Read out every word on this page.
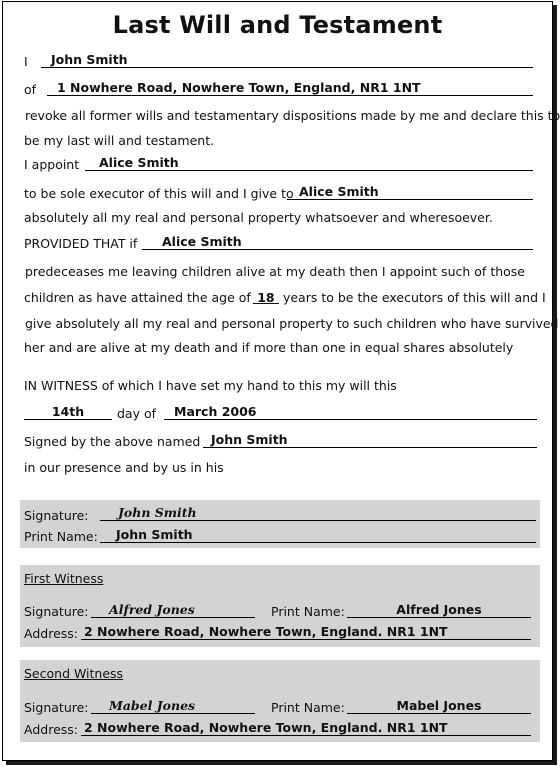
Last Will and Testament
I	John Smith
of	1 Nowhere Road, Nowhere Town, England, NR1 1NT
revoke all former wills and testamentary dispositions made by me and declare this to
be my last will and testament.
I appoint	Alice Smith
to be sole executor of this will and I give to Alice Smith
absolutely all my real and personal property whatsoever and wheresoever.
PROVIDED THAT if	Alice Smith
predeceases me leaving children alive at my death then I appoint such of those
children as have attained the age of 18 years to be the executors of this will and I
give absolutely all my real and personal property to such children who have survived
her and are alive at my death and if more than one in equal shares absolutely
IN WITNESS of which I have set my hand to this my will this
14th	day of	March 2006
Signed by the above named John Smith
in our presence and by us in his
Signature:	John Smith
Print Name:	John Smith
First Witness
Signature:	Alfred Jones	Print Name:	Alfred Jones
Address: 2 Nowhere Road, Nowhere Town, England. NR1 1NT
Second Witness
Signature:	Mabel Jones	Print Name:	Mabel Jones
Address: 2 Nowhere Road, Nowhere Town, England. NR1 1NT
